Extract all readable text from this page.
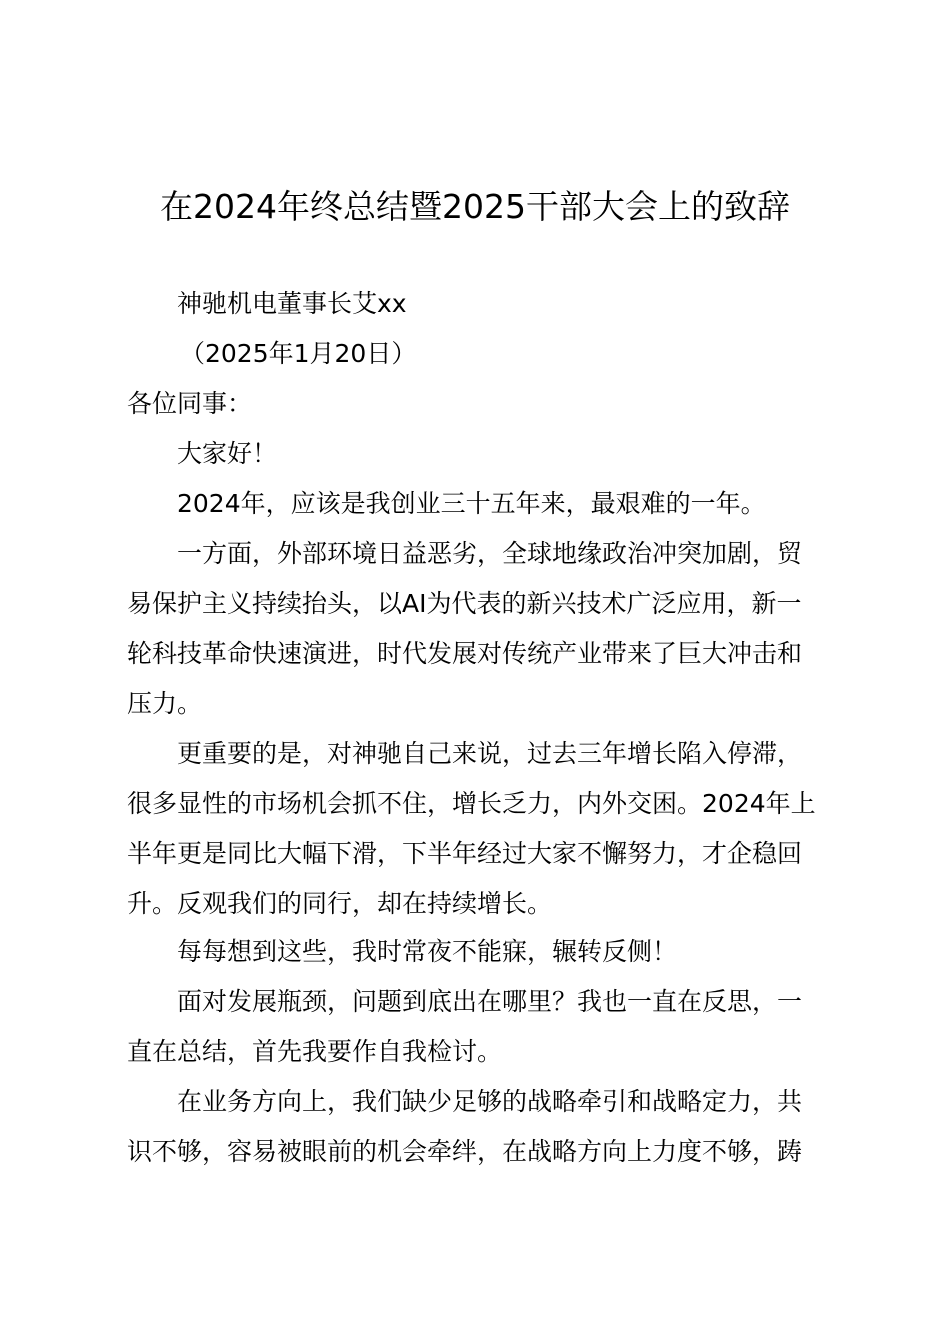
在2024年终总结暨2025干部大会上的致辞
神驰机电董事长艾xx
（2025年1月20日）
各位同事：
大家好！
2024年，应该是我创业三十五年来，最艰难的一年。
一方面，外部环境日益恶劣，全球地缘政治冲突加剧，贸
易保护主义持续抬头，以AI为代表的新兴技术广泛应用，新一
轮科技革命快速演进，时代发展对传统产业带来了巨大冲击和
压力。
更重要的是，对神驰自己来说，过去三年增长陷入停滞，
很多显性的市场机会抓不住，增长乏力，内外交困。2024年上
半年更是同比大幅下滑，下半年经过大家不懈努力，才企稳回
升。反观我们的同行，却在持续增长。
每每想到这些，我时常夜不能寐，辗转反侧！
面对发展瓶颈，问题到底出在哪里？我也一直在反思，一
直在总结，首先我要作自我检讨。
在业务方向上，我们缺少足够的战略牵引和战略定力，共
识不够，容易被眼前的机会牵绊，在战略方向上力度不够，踌
